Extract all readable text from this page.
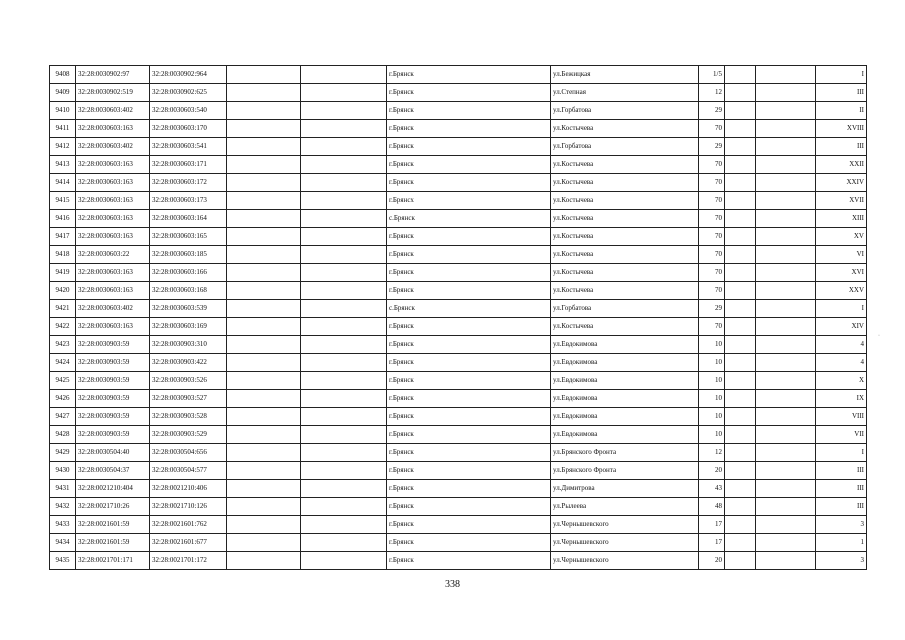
9408	32:28:0030902:97	32:28:0030902:964			г.Брянск	ул.Бежицкая	1/5			I
9409	32:28:0030902:519	32:28:0030902:625			г.Брянск	ул.Степная	12			III
9410	32:28:0030603:402	32:28:0030603:540			г.Брянск	ул.Горбатова	29			II
9411	32:28:0030603:163	32:28:0030603:170			г.Брянск	ул.Костычева	70			XVIII
9412	32:28:0030603:402	32:28:0030603:541			г.Брянск	ул.Горбатова	29			III
9413	32:28:0030603:163	32:28:0030603:171			г.Брянск	ул.Костычева	70			XXII
9414	32:28:0030603:163	32:28:0030603:172			г.Брянск	ул.Костычева	70			XXIV
9415	32:28:0030603:163	32:28:0030603:173			г.Брянсх	ул.Костычева	70			XVII
9416	32:28:0030603:163	32:28:0030603:164			с.Брянск	ул.Костычева	70			XIII
9417	32:28:0030603:163	32:28:0030603:165			г.Брянск	ул.Костычева	70			XV
9418	32:28:0030603:22	32:28:0030603:185			г.Брянск	ул.Костычева	70			VI
9419	32:28:0030603:163	32:28:0030603:166			г.Брянск	ул.Костычева	70			XVI
9420	32:28:0030603:163	32:28:0030603:168			г.Брянск	ул.Костычева	70			XXV
9421	32:28:0030603:402	32:28:0030603:539			с.Брянск	ул.Горбатова	29			I
9422	32:28:0030603:163	32:28:0030603:169			г.Брянск	ул.Костычева	70			XIV
9423	32:28:0030903:59	32:28:0030903:310			г.Брянск	ул.Евдокимова	10			4
9424	32:28:0030903:59	32:28:0030903:422			г.Брянск	ул.Евдокимова	10			4
9425	32:28:0030903:59	32:28:0030903:526			г.Брянск	ул.Евдокимова	10			X
9426	32:28:0030903:59	32:28:0030903:527			г.Брянск	ул.Евдокимова	10			IX
9427	32:28:0030903:59	32:28:0030903:528			г.Брянск	ул.Евдокимова	10			VIII
9428	32:28:0030903:59	32:28:0030903:529			г.Брянск	ул.Евдокимова	10			VII
9429	32:28:0030504:40	32:28:0030504:656			г.Брянск	ул.Брянского Фронта	12			I
9430	32:28:0030504:37	32:28:0030504:577			г.Брянск	ул.Брянского Фронта	20			III
9431	32:28:0021210:404	32:28:0021210:406			г.Брянск	ул.Димитрова	43			III
9432	32:28:0021710:26	32:28:0021710:126			г.Брянск	ул.Рылеева	48			III
9433	32:28:0021601:59	32:28:0021601:762			г.Брянск	ул.Чернышевского	17			3
9434	32:28:0021601:59	32:28:0021601:677			г.Брянск	ул.Чернышевского	17			1
9435	32:28:0021701:171	32:28:0021701:172			г.Брянск	ул.Чернышевского	20			3
338
·
